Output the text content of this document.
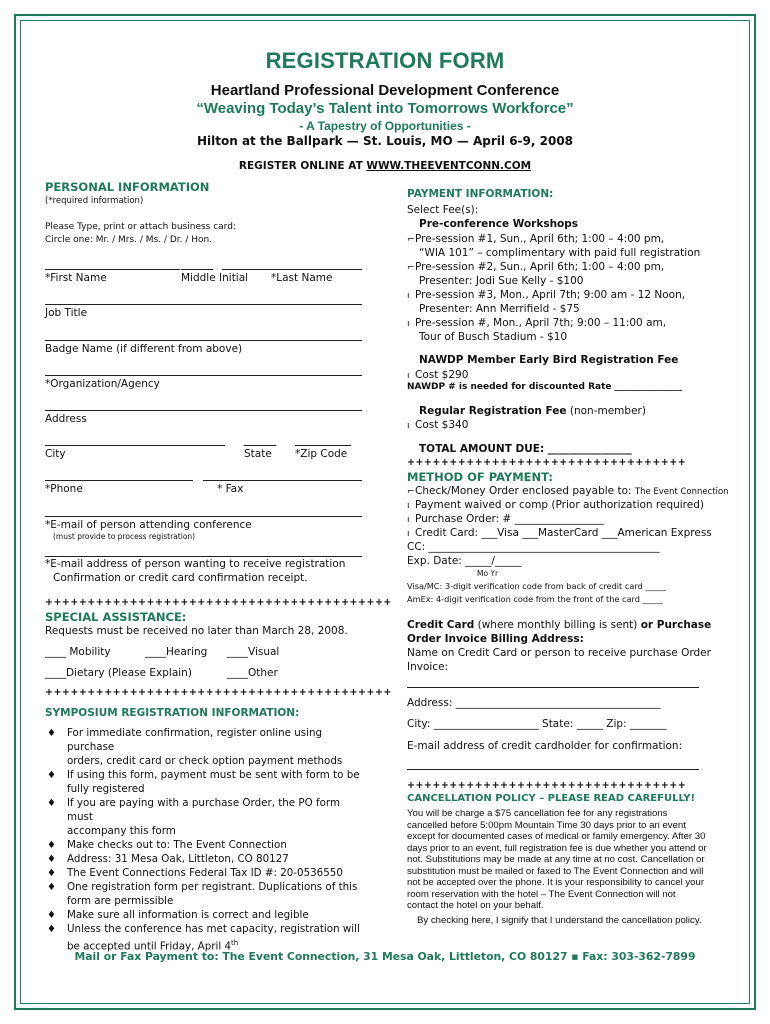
REGISTRATION FORM
Heartland Professional Development Conference
“Weaving Today’s Talent into Tomorrows Workforce”
- A Tapestry of Opportunities -
Hilton at the Ballpark — St. Louis, MO — April 6-9, 2008
REGISTER ONLINE AT WWW.THEEVENTCONN.COM
PERSONAL INFORMATION
(*required information)
Please Type, print or attach business card:
Circle one: Mr. / Mrs. / Ms. / Dr. / Hon.
*First Name	Middle Initial *Last Name
Job Title
Badge Name (if different from above)
*Organization/Agency
Address
City	State *Zip Code
*Phone	* Fax
*E-mail of person attending conference
(must provide to process registration)
*E-mail address of person wanting to receive registration
Confirmation or credit card confirmation receipt.
+++++++++++++++++++++++++++++++++++++++++
SPECIAL ASSISTANCE:
Requests must be received no later than March 28, 2008.
____ Mobility	____Hearing ____Visual
____Dietary (Please Explain)	____Other
+++++++++++++++++++++++++++++++++++++++++
SYMPOSIUM REGISTRATION INFORMATION:
♦ For immediate confirmation, register online using purchase
orders, credit card or check option payment methods
♦ If using this form, payment must be sent with form to be
fully registered
♦ If you are paying with a purchase Order, the PO form
must
accompany this form
♦ Make checks out to: The Event Connection
♦ Address: 31 Mesa Oak, Littleton, CO 80127
♦ The Event Connections Federal Tax ID #: 20-0536550
♦ One registration form per registrant. Duplications of this
form are permissible
♦ Make sure all information is correct and legible
♦ Unless the conference has met capacity, registration will
be accepted until Friday, April 4th
PAYMENT INFORMATION:
Select Fee(s):
Pre-conference Workshops
⌐Pre-session #1, Sun., April 6th; 1:00 – 4:00 pm,
“WIA 101” – complimentary with paid full registration
⌐Pre-session #2, Sun., April 6th; 1:00 – 4:00 pm,
Presenter: Jodi Sue Kelly - $100
ı Pre-session #3, Mon., April 7th; 9:00 am - 12 Noon,
Presenter: Ann Merrifield - $75
ı Pre-session #, Mon., April 7th; 9:00 – 11:00 am,
Tour of Busch Stadium - $10
NAWDP Member Early Bird Registration Fee
ı Cost $290
NAWDP # is needed for discounted Rate _______________
Regular Registration Fee (non-member)
ı Cost $340
TOTAL AMOUNT DUE: ________________
+++++++++++++++++++++++++++++++++
METHOD OF PAYMENT:
⌐Check/Money Order enclosed payable to: The Event Connection
ı Payment waived or comp (Prior authorization required)
ı Purchase Order: # _________________
ı Credit Card: ___Visa ___MasterCard ___American Express
CC: ____________________________________________
Exp. Date: _____/_____
Mo Yr
Visa/MC: 3-digit verification code from back of credit card _____
AmEx: 4-digit verification code from the front of the card _____
Credit Card (where monthly billing is sent) or Purchase
Order Invoice Billing Address:
Name on Credit Card or person to receive purchase Order
Invoice:
Address: _______________________________________
City: ____________________ State: _____ Zip: _______
E-mail address of credit cardholder for confirmation:
+++++++++++++++++++++++++++++++++
CANCELLATION POLICY – PLEASE READ CAREFULLY!
You will be charge a $75 cancellation fee for any registrations
cancelled before 5:00pm Mountain Time 30 days prior to an event
except for documented cases of medical or family emergency. After 30
days prior to an event, full registration fee is due whether you attend or
not. Substitutions may be made at any time at no cost. Cancellation or
substitution must be mailed or faxed to The Event Connection and will
not be accepted over the phone. It is your responsibility to cancel your
room reservation with the hotel – The Event Connection will not
contact the hotel on your behalf.
By checking here, I signify that I understand the cancellation policy.
Mail or Fax Payment to: The Event Connection, 31 Mesa Oak, Littleton, CO 80127 ▪ Fax: 303-362-7899
